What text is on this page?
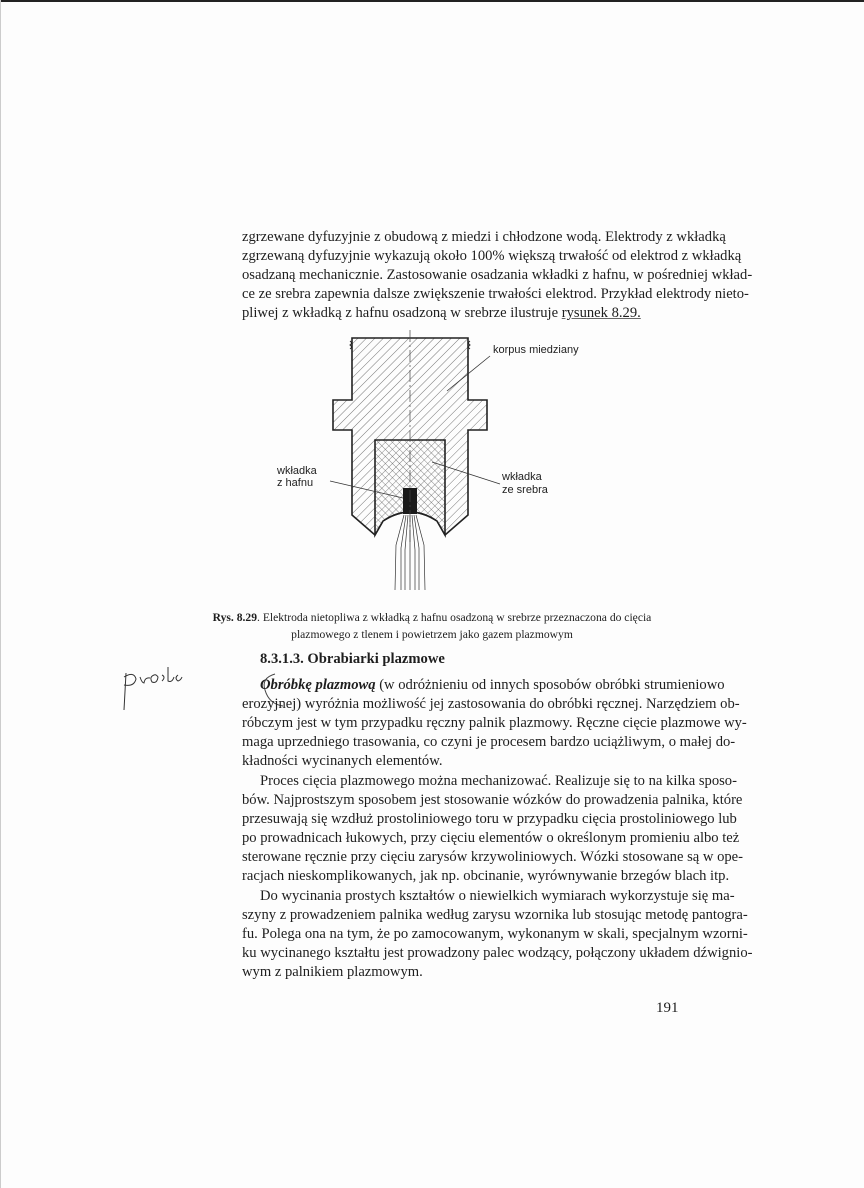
zgrzewane dyfuzyjnie z obudową z miedzi i chłodzone wodą. Elektrody z wkładką
zgrzewaną dyfuzyjnie wykazują około 100% większą trwałość od elektrod z wkładką
osadzaną mechanicznie. Zastosowanie osadzania wkładki z hafnu, w pośredniej wkład-
ce ze srebra zapewnia dalsze zwiększenie trwałości elektrod. Przykład elektrody nieto-
pliwej z wkładką z hafnu osadzoną w srebrze ilustruje rysunek 8.29.
korpus miedziany
wkładka
z hafnu	wkładka
ze srebra
Rys. 8.29. Elektroda nietopliwa z wkładką z hafnu osadzoną w srebrze przeznaczona do cięcia
plazmowego z tlenem i powietrzem jako gazem plazmowym
8.3.1.3. Obrabiarki plazmowe
Obróbkę plazmową (w odróżnieniu od innych sposobów obróbki strumieniowo
erozyjnej) wyróżnia możliwość jej zastosowania do obróbki ręcznej. Narzędziem ob-
róbczym jest w tym przypadku ręczny palnik plazmowy. Ręczne cięcie plazmowe wy-
maga uprzedniego trasowania, co czyni je procesem bardzo uciążliwym, o małej do-
kładności wycinanych elementów.
Proces cięcia plazmowego można mechanizować. Realizuje się to na kilka sposo-
bów. Najprostszym sposobem jest stosowanie wózków do prowadzenia palnika, które
przesuwają się wzdłuż prostoliniowego toru w przypadku cięcia prostoliniowego lub
po prowadnicach łukowych, przy cięciu elementów o określonym promieniu albo też
sterowane ręcznie przy cięciu zarysów krzywoliniowych. Wózki stosowane są w ope-
racjach nieskomplikowanych, jak np. obcinanie, wyrównywanie brzegów blach itp.
Do wycinania prostych kształtów o niewielkich wymiarach wykorzystuje się ma-
szyny z prowadzeniem palnika według zarysu wzornika lub stosując metodę pantogra-
fu. Polega ona na tym, że po zamocowanym, wykonanym w skali, specjalnym wzorni-
ku wycinanego kształtu jest prowadzony palec wodzący, połączony układem dźwignio-
wym z palnikiem plazmowym.
191
